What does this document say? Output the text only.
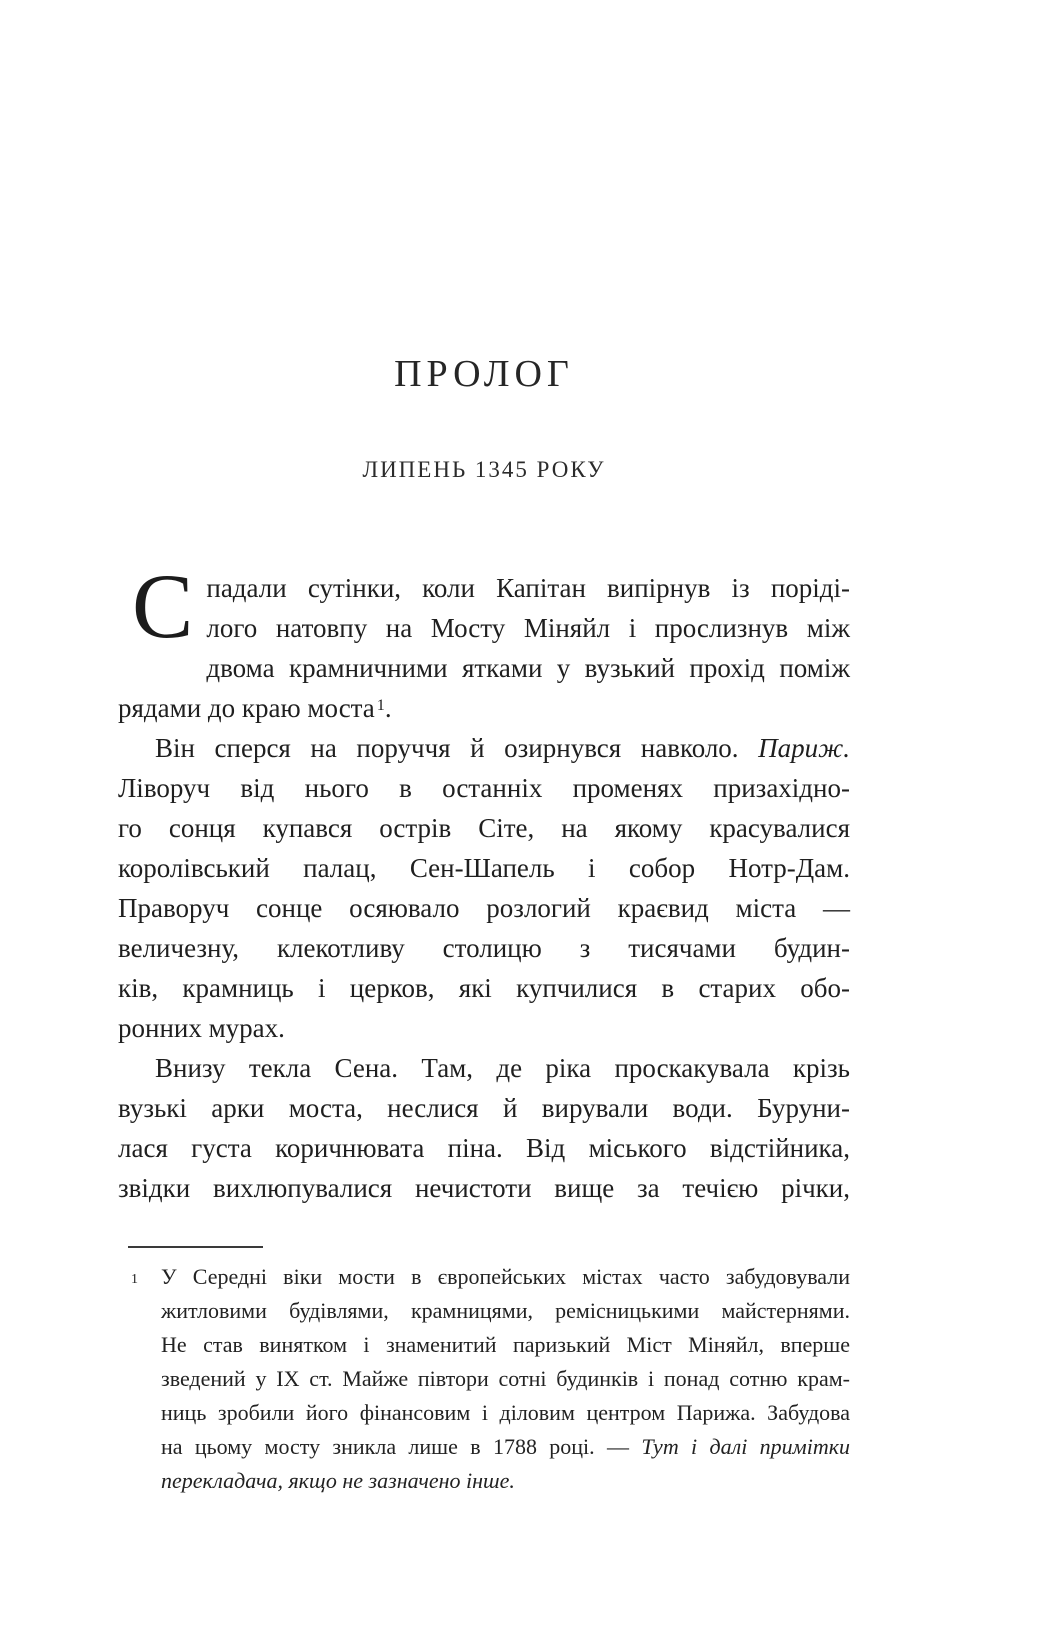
ПРОЛОГ
ЛИПЕНЬ 1345 РОКУ
С падали сутінки, коли Капітан випірнув із поріді-
лого натовпу на Мосту Міняйл і прослизнув між
двома крамничними ятками у вузький прохід поміж
рядами до краю моста $^1$.
Він сперся на поруччя й озирнувся навколо. Париж.
Ліворуч від нього в останніх променях призахідно-
го сонця купався острів Сіте, на якому красувалися
королівський палац, Сен-Шапель і собор Нотр-Дам.
Праворуч сонце осяювало розлогий краєвид міста —
величезну, клекотливу столицю з тисячами будин-
ків, крамниць і церков, які купчилися в старих обо-
ронних мурах.
Внизу текла Сена. Там, де ріка проскакувала крізь
вузькі арки моста, неслися й вирували води. Буруни-
лася густа коричнювата піна. Від міського відстійника,
звідки вихлюпувалися нечистоти вище за течією річки,
1 У Середні віки мости в європейських містах часто забудовували
житловими будівлями, крамницями, ремісницькими майстернями.
Не став винятком і знаменитий паризький Міст Міняйл, вперше
зведений у IX ст. Майже півтори сотні будинків і понад сотню крам-
ниць зробили його фінансовим і діловим центром Парижа. Забудова
на цьому мосту зникла лише в 1788 році. — Тут і далі примітки
перекладача, якщо не зазначено інше.
